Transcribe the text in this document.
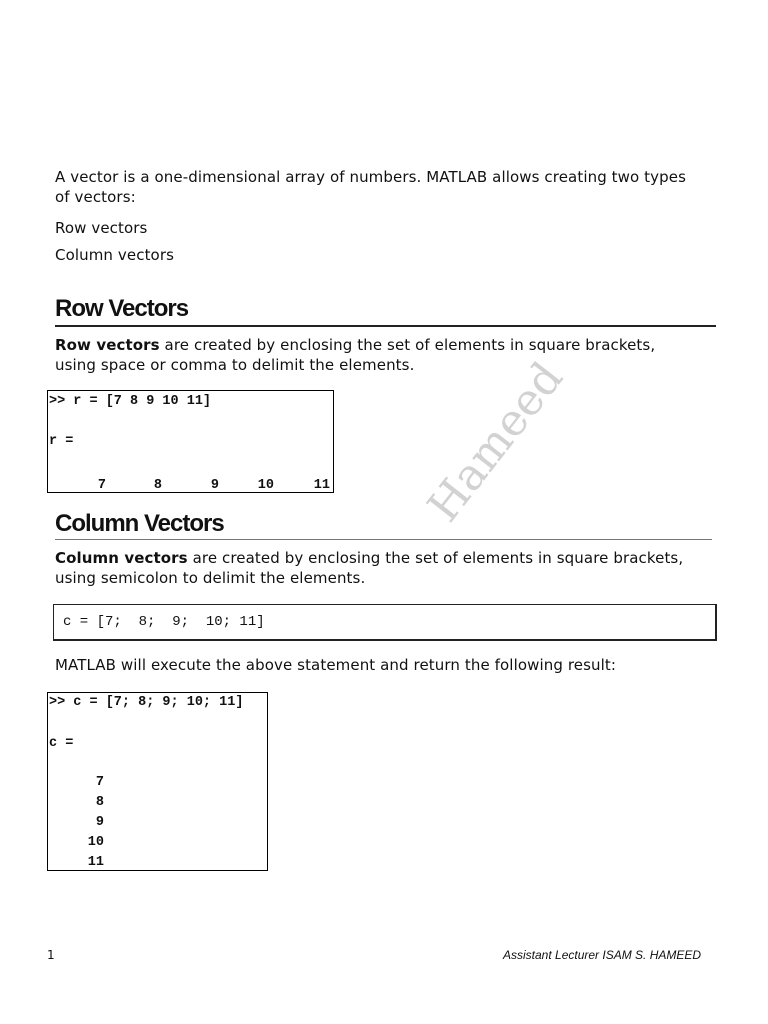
Hameed
A vector is a one-dimensional array of numbers. MATLAB allows creating two types
of vectors:
Row vectors
Column vectors
Row Vectors
Row vectors are created by enclosing the set of elements in square brackets,
using space or comma to delimit the elements.
>> r = [7 8 9 10 11]
r =
7	8	9	10	11
Column Vectors
Column vectors are created by enclosing the set of elements in square brackets,
using semicolon to delimit the elements.
c = [7;  8;  9;  10; 11]
MATLAB will execute the above statement and return the following result:
>> c = [7; 8; 9; 10; 11]
c =
7
8
9
10
11
1	Assistant Lecturer ISAM S. HAMEED
